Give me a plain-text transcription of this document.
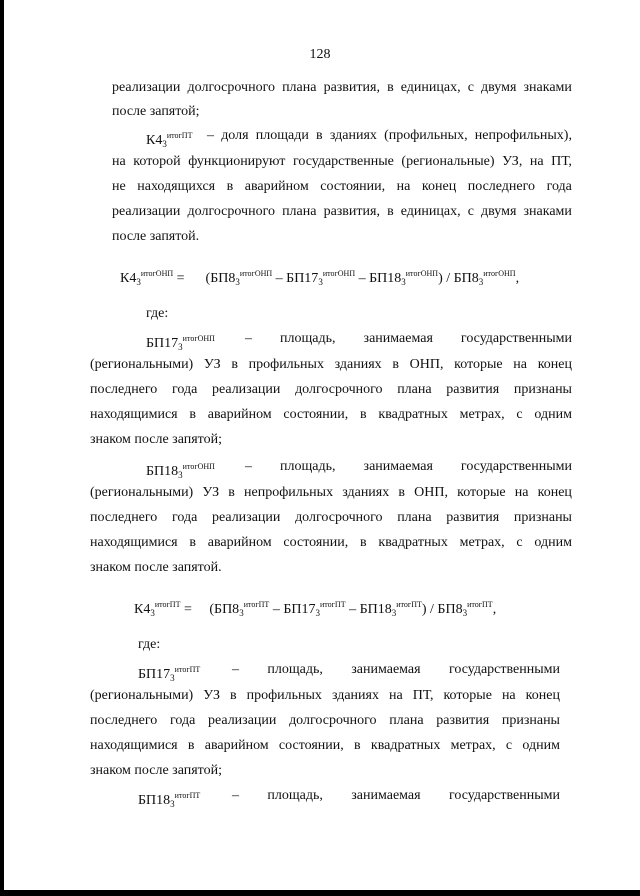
128
реализации долгосрочного плана развития, в единицах, с двумя знаками
после запятой;
$К4_3^{итогПТ}$ – доля площади в зданиях (профильных, непрофильных),
на которой функционируют государственные (региональные) УЗ, на ПТ,
не находящихся в аварийном состоянии, на конец последнего года
реализации долгосрочного плана развития, в единицах, с двумя знаками
после запятой.
$К4_3^{итогОНП} = (БП8_3^{итогОНП} - БП17_3^{итогОНП} - БП18_3^{итогОНП}) / БП8_3^{итогОНП}$,
где:
$БП17_3^{итогОНП}$ – площадь, занимаемая государственными
(региональными) УЗ в профильных зданиях в ОНП, которые на конец
последнего года реализации долгосрочного плана развития признаны
находящимися в аварийном состоянии, в квадратных метрах, с одним
знаком после запятой;
$БП18_3^{итогОНП}$ – площадь, занимаемая государственными
(региональными) УЗ в непрофильных зданиях в ОНП, которые на конец
последнего года реализации долгосрочного плана развития признаны
находящимися в аварийном состоянии, в квадратных метрах, с одним
знаком после запятой.
$К4_3^{итогПТ} = (БП8_3^{итогПТ} - БП17_3^{итогПТ} - БП18_3^{итогПТ}) / БП8_3^{итогПТ}$,
где:
$БП17_3^{итогПТ}$ – площадь, занимаемая государственными
(региональными) УЗ в профильных зданиях на ПТ, которые на конец
последнего года реализации долгосрочного плана развития признаны
находящимися в аварийном состоянии, в квадратных метрах, с одним
знаком после запятой;
$БП18_3^{итогПТ}$ – площадь, занимаемая государственными
